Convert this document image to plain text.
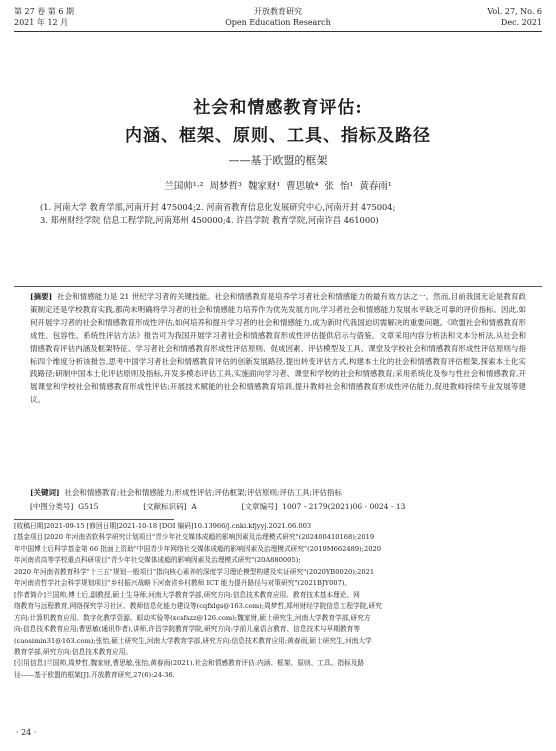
第 27 卷 第 6 期
2021 年 12 月
开放教育研究
Open Education Research
Vol. 27, No. 6
Dec. 2021
社会和情感教育评估:
内涵、框架、原则、工具、指标及路径
——基于欧盟的框架
兰国帅¹·² 周梦哲³ 魏家财¹ 曹思敏⁴ 张 怡¹ 黄春雨¹
(1. 河南大学 教育学部,河南开封 475004;2. 河南省教育信息化发展研究中心,河南开封 475004;
3. 郑州财经学院 信息工程学院,河南郑州 450000;4. 许昌学院 教育学院,河南许昌 461000)
[摘要] 社会和情感能力是 21 世纪学习者的关键技能。社会和情感教育是培养学习者社会和情感能力的最有效方法之一。然而,目前我国无论是教育政策制定还是学校教育实践,都尚未明确将学习者的社会和情感能力培养作为优先发展方向,学习者社会和情感能力发展水平缺乏可靠的评价指标。因此,如何开展学习者的社会和情感教育形成性评估,如何培养和提升学习者的社会和情感能力,成为新时代我国迫切需解决的重要问题。《欧盟社会和情感教育形成性、包容性、系统性评估方法》报告可为我国开展学习者社会和情感教育形成性评估提供启示与借鉴。文章采用内容分析法和文本分析法,从社会和情感教育评估内涵及框架特征、学习者社会和情感教育形成性评估原则、促成因素、评估模型及工具、课堂及学校社会和情感教育形成性评估原则与指标四个维度分析该报告,思考中国学习者社会和情感教育评估的创新发展路径,提出转变评估方式,构建本土化的社会和情感教育评估框架,探索本土化实践路径;研制中国本土化评估原则及指标,开发多模态评估工具,实施面向学习者、课堂和学校的社会和情感教育;采用系统化及参与性社会和情感教育,开展课堂和学校社会和情感教育形成性评估;开展技术赋能的社会和情感教育培训,提升教师社会和情感教育形成性评估能力,促进教师持续专业发展等建议。
[关键词] 社会和情感教育;社会和情感能力;形成性评估;评估框架;评估原则;评估工具;评估指标
[中图分类号] G515	[文献标识码] A	[文章编号] 1007 - 2179(2021)06 - 0024 - 13
[收稿日期]2021-09-15 [修回日期]2021-10-18 [DOI 编码]10.13966/j.cnki.kfjyyj.2021.06.003
[基金项目]2020 年河南省软科学研究计划项目"青少年社交媒体成瘾的影响因素及治理模式研究"(202400410168);2019
年中国博士后科学基金第 66 批面上资助"中国青少年网络社交媒体成瘾的影响因素及治理模式研究"(2019M662489);2020
年河南省高等学校重点科研项目"青少年社交媒体成瘾的影响因素及治理模式研究"(20A880005);
2020 年河南省教育科学"十三五"规划一般项目"指向核心素养的深度学习理论模型构建及实证研究"(2020YB0020);2021
年河南省哲学社会科学规划项目"乡村振兴战略下河南省乡村教师 ICT 能力提升路径与对策研究"(2021BJY007)。
[作者简介]兰国帅,博士后,副教授,硕士生导师,河南大学教育学部,研究方向:信息技术教育应用、教育技术基本理论、网
络教育与远程教育,网络探究学习社区、教师信息化能力建设等(cqfxlgs@163.com);周梦哲,郑州财经学院信息工程学院,研究
方向:计算机教育应用、数字化教学资源、眼动实验等(xcsfszz@126.com);魏家财,硕士研究生,河南大学教育学部,研究方
向:信息技术教育应用;曹思敏(通讯作者),讲师,许昌学院教育学院,研究方向:学前儿童语言教育、信息技术与早期教育等
(caosimin31@163.com);张怡,硕士研究生,河南大学教育学部,研究方向:信息技术教育应用;黄春雨,硕士研究生,河南大学
教育学部,研究方向:信息技术教育应用。
[引用信息]兰国帅,周梦哲,魏家财,曹思敏,张怡,黄春雨(2021).社会和情感教育评估:内涵、框架、原则、工具、指标及路
径——基于欧盟的框架[J].开放教育研究,27(6):24-36.
· 24 ·
